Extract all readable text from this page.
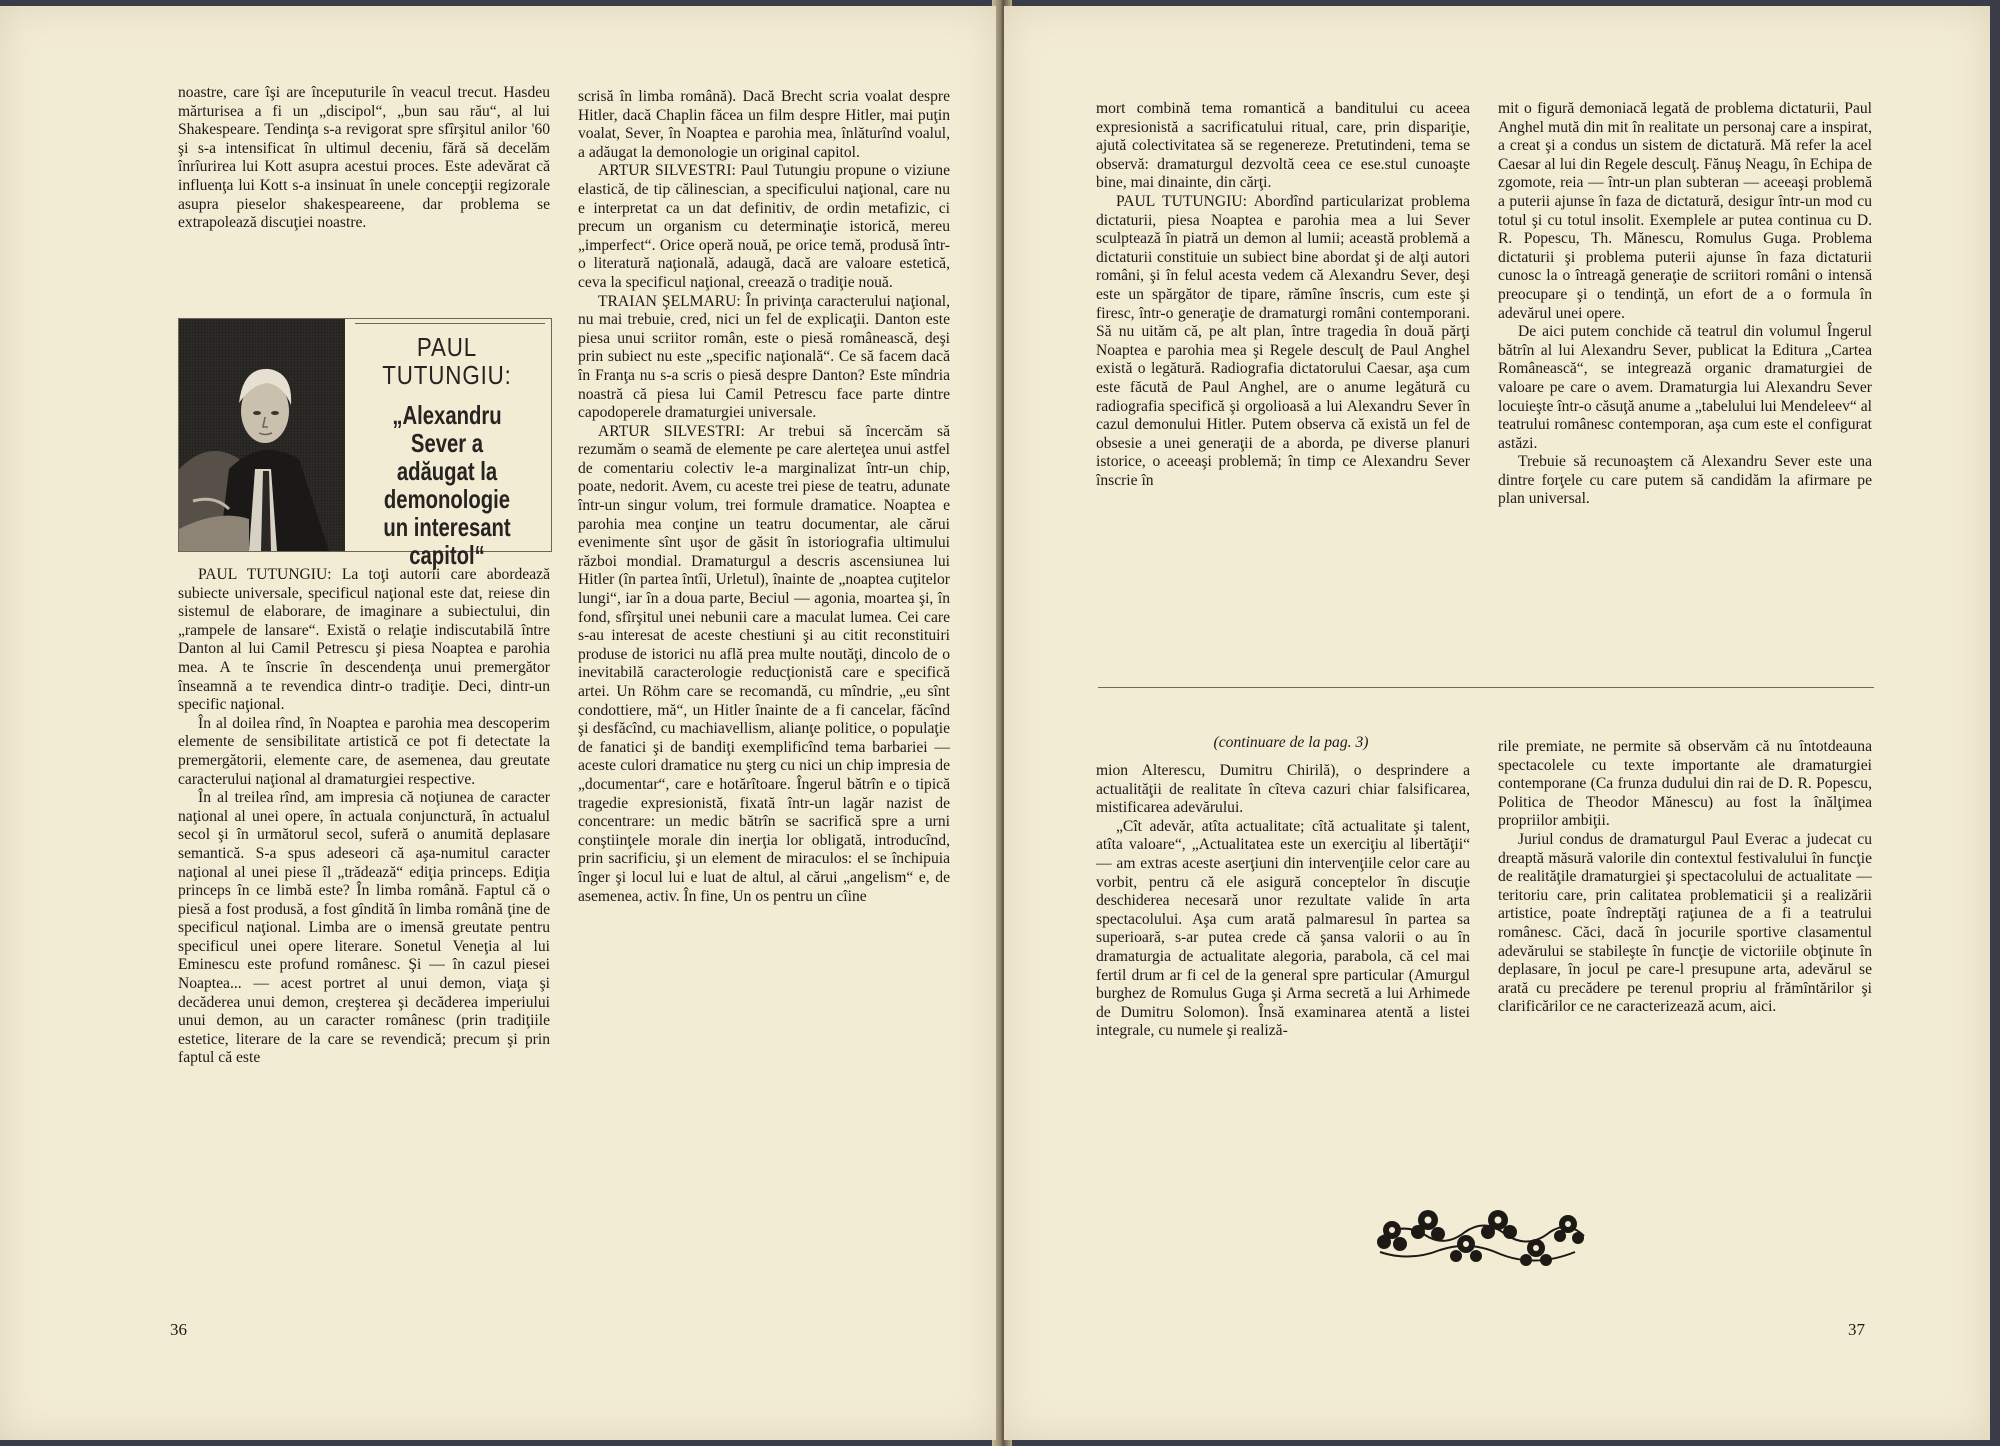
noastre, care îşi are începuturile în veacul trecut. Hasdeu mărturisea a fi un „discipol“, „bun sau rău“, al lui Shakespeare. Tendinţa s-a revigorat spre sfîrşitul anilor '60 şi s-a intensificat în ultimul deceniu, fără să decelăm înrîurirea lui Kott asupra acestui proces. Este adevărat că influenţa lui Kott s-a insinuat în unele concepţii regizorale asupra pieselor shakespeareene, dar problema se extrapolează discuţiei noastre.

PAUL
TUTUNGIU:
„Alexandru Sever a adăugat la demonologie un interesant capitol“

PAUL TUTUNGIU: La toţi autorii care abordează subiecte universale, specificul naţional este dat, reiese din sistemul de elaborare, de imaginare a subiectului, din „rampele de lansare“. Există o relaţie indiscutabilă între Danton al lui Camil Petrescu şi piesa Noaptea e parohia mea. A te înscrie în descendenţa unui premergător înseamnă a te revendica dintr-o tradiţie. Deci, dintr-un specific naţional.

În al doilea rînd, în Noaptea e parohia mea descoperim elemente de sensibilitate artistică ce pot fi detectate la premergătorii, elemente care, de asemenea, dau greutate caracterului naţional al dramaturgiei respective.

În al treilea rînd, am impresia că noţiunea de caracter naţional al unei opere, în actuala conjunctură, în actualul secol şi în următorul secol, suferă o anumită deplasare semantică. S-a spus adeseori că aşa-numitul caracter naţional al unei piese îl „trădează“ ediţia princeps. Ediţia princeps în ce limbă este? În limba română. Faptul că o piesă a fost produsă, a fost gîndită în limba română ţine de specificul naţional. Limba are o imensă greutate pentru specificul unei opere literare. Sonetul Veneţia al lui Eminescu este profund românesc. Şi — în cazul piesei Noaptea... — acest portret al unui demon, viaţa şi decăderea unui demon, creşterea şi decăderea imperiului unui demon, au un caracter românesc (prin tradiţiile estetice, literare de la care se revendică; precum şi prin faptul că este

scrisă în limba română). Dacă Brecht scria voalat despre Hitler, dacă Chaplin făcea un film despre Hitler, mai puţin voalat, Sever, în Noaptea e parohia mea, înlăturînd voalul, a adăugat la demonologie un original capitol.

ARTUR SILVESTRI: Paul Tutungiu propune o viziune elastică, de tip călinescian, a specificului naţional, care nu e interpretat ca un dat definitiv, de ordin metafizic, ci precum un organism cu determinaţie istorică, mereu „imperfect“. Orice operă nouă, pe orice temă, produsă într-o literatură naţională, adaugă, dacă are valoare estetică, ceva la specificul naţional, creează o tradiţie nouă.

TRAIAN ŞELMARU: În privinţa caracterului naţional, nu mai trebuie, cred, nici un fel de explicaţii. Danton este piesa unui scriitor român, este o piesă românească, deşi prin subiect nu este „specific naţională“. Ce să facem dacă în Franţa nu s-a scris o piesă despre Danton? Este mîndria noastră că piesa lui Camil Petrescu face parte dintre capodoperele dramaturgiei universale.

ARTUR SILVESTRI: Ar trebui să încercăm să rezumăm o seamă de elemente pe care alerteţea unui astfel de comentariu colectiv le-a marginalizat într-un chip, poate, nedorit. Avem, cu aceste trei piese de teatru, adunate într-un singur volum, trei formule dramatice. Noaptea e parohia mea conţine un teatru documentar, ale cărui evenimente sînt uşor de găsit în istoriografia ultimului război mondial. Dramaturgul a descris ascensiunea lui Hitler (în partea întîi, Urletul), înainte de „noaptea cuţitelor lungi“, iar în a doua parte, Beciul — agonia, moartea şi, în fond, sfîrşitul unei nebunii care a maculat lumea. Cei care s-au interesat de aceste chestiuni şi au citit reconstituiri produse de istorici nu află prea multe noutăţi, dincolo de o inevitabilă caracterologie reducţionistă care e specifică artei. Un Röhm care se recomandă, cu mîndrie, „eu sînt condottiere, mă“, un Hitler înainte de a fi cancelar, făcînd şi desfăcînd, cu machiavellism, alianţe politice, o populaţie de fanatici şi de bandiţi exemplificînd tema barbariei — aceste culori dramatice nu şterg cu nici un chip impresia de „documentar“, care e hotărîtoare. Îngerul bătrîn e o tipică tragedie expresionistă, fixată într-un lagăr nazist de concentrare: un medic bătrîn se sacrifică spre a urni conştiinţele morale din inerţia lor obligată, introducînd, prin sacrificiu, şi un element de miraculos: el se închipuia înger şi locul lui e luat de altul, al cărui „angelism“ e, de asemenea, activ. În fine, Un os pentru un cîine

36

mort combină tema romantică a banditului cu aceea expresionistă a sacrificatului ritual, care, prin dispariţie, ajută colectivitatea să se regenereze. Pretutindeni, tema se observă: dramaturgul dezvoltă ceea ce ese.stul cunoaşte bine, mai dinainte, din cărţi.

PAUL TUTUNGIU: Abordînd particularizat problema dictaturii, piesa Noaptea e parohia mea a lui Sever sculptează în piatră un demon al lumii; această problemă a dictaturii constituie un subiect bine abordat şi de alţi autori români, şi în felul acesta vedem că Alexandru Sever, deşi este un spărgător de tipare, rămîne înscris, cum este şi firesc, într-o generaţie de dramaturgi români contemporani. Să nu uităm că, pe alt plan, între tragedia în două părţi Noaptea e parohia mea şi Regele desculţ de Paul Anghel există o legătură. Radiografia dictatorului Caesar, aşa cum este făcută de Paul Anghel, are o anume legătură cu radiografia specifică şi orgolioasă a lui Alexandru Sever în cazul demonului Hitler. Putem observa că există un fel de obsesie a unei generaţii de a aborda, pe diverse planuri istorice, o aceeaşi problemă; în timp ce Alexandru Sever înscrie în

mit o figură demoniacă legată de problema dictaturii, Paul Anghel mută din mit în realitate un personaj care a inspirat, a creat şi a condus un sistem de dictatură. Mă refer la acel Caesar al lui din Regele desculţ. Fănuş Neagu, în Echipa de zgomote, reia — într-un plan subteran — aceeaşi problemă a puterii ajunse în faza de dictatură, desigur într-un mod cu totul şi cu totul insolit. Exemplele ar putea continua cu D. R. Popescu, Th. Mănescu, Romulus Guga. Problema dictaturii şi problema puterii ajunse în faza dictaturii cunosc la o întreagă generaţie de scriitori români o intensă preocupare şi o tendinţă, un efort de a o formula în adevărul unei opere.

De aici putem conchide că teatrul din volumul Îngerul bătrîn al lui Alexandru Sever, publicat la Editura „Cartea Românească“, se integrează organic dramaturgiei de valoare pe care o avem. Dramaturgia lui Alexandru Sever locuieşte într-o căsuţă anume a „tabelului lui Mendeleev“ al teatrului românesc contemporan, aşa cum este el configurat astăzi.

Trebuie să recunoaştem că Alexandru Sever este una dintre forţele cu care putem să candidăm la afirmare pe plan universal.

mion Alterescu, Dumitru Chirilă), o desprindere a actualităţii de realitate în cîteva cazuri chiar falsificarea, mistificarea adevărului.

„Cît adevăr, atîta actualitate; cîtă actualitate şi talent, atîta valoare“, „Actualitatea este un exerciţiu al libertăţii“ — am extras aceste aserţiuni din intervenţiile celor care au vorbit, pentru că ele asigură conceptelor în discuţie deschiderea necesară unor rezultate valide în arta spectacolului. Aşa cum arată palmaresul în partea sa superioară, s-ar putea crede că şansa valorii o au în dramaturgia de actualitate alegoria, parabola, că cel mai fertil drum ar fi cel de la general spre particular (Amurgul burghez de Romulus Guga şi Arma secretă a lui Arhimede de Dumitru Solomon). Însă examinarea atentă a listei integrale, cu numele şi realiză-

rile premiate, ne permite să observăm că nu întotdeauna spectacolele cu texte importante ale dramaturgiei contemporane (Ca frunza dudului din rai de D. R. Popescu, Politica de Theodor Mănescu) au fost la înălţimea propriilor ambiţii.

Juriul condus de dramaturgul Paul Everac a judecat cu dreaptă măsură valorile din contextul festivalului în funcţie de realităţile dramaturgiei şi spectacolului de actualitate — teritoriu care, prin calitatea problematicii şi a realizării artistice, poate îndreptăţi raţiunea de a fi a teatrului românesc. Căci, dacă în jocurile sportive clasamentul adevărului se stabileşte în funcţie de victoriile obţinute în deplasare, în jocul pe care-l presupune arta, adevărul se arată cu precădere pe terenul propriu al frămîntărilor şi clarificărilor ce ne caracterizează acum, aici.

37
(continuare de la pag. 3)
